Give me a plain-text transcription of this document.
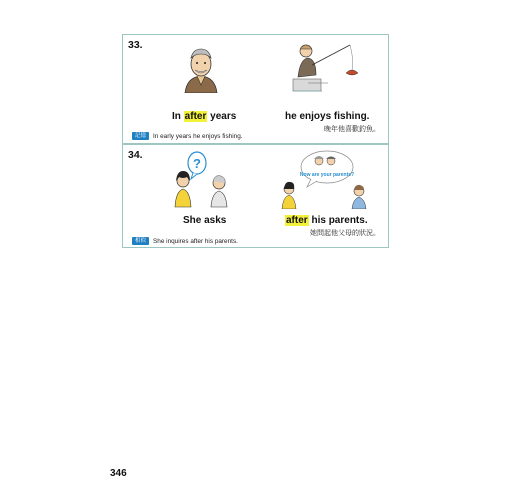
33.
In after years	he enjoys fishing.
晚年他喜歡釣魚。
記憶	In early years he enjoys fishing.
34.
?
Now are your parents?
She asks	after his parents.
她問起他父母的狀況。
相似	She inquires after his parents.
346
